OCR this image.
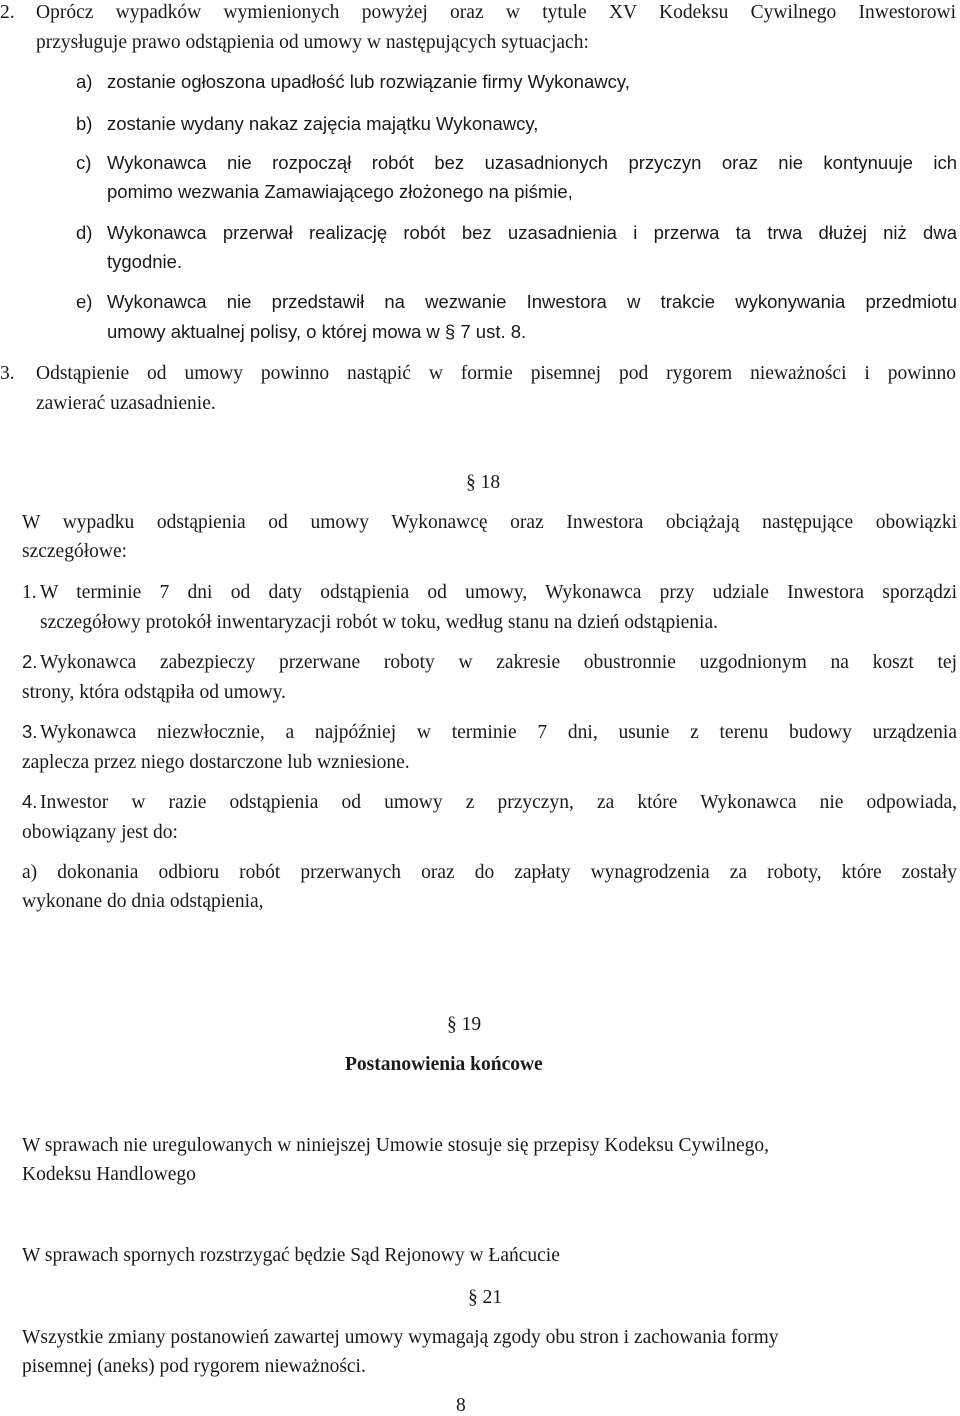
2. Oprócz wypadków wymienionych powyżej oraz w tytule XV Kodeksu Cywilnego Inwestorowi
przysługuje prawo odstąpienia od umowy w następujących sytuacjach:
a) zostanie ogłoszona upadłość lub rozwiązanie firmy Wykonawcy,
b) zostanie wydany nakaz zajęcia majątku Wykonawcy,
c) Wykonawca nie rozpoczął robót bez uzasadnionych przyczyn oraz nie kontynuuje ich
pomimo wezwania Zamawiającego złożonego na piśmie,
d) Wykonawca przerwał realizację robót bez uzasadnienia i przerwa ta trwa dłużej niż dwa
tygodnie.
e) Wykonawca nie przedstawił na wezwanie Inwestora w trakcie wykonywania przedmiotu
umowy aktualnej polisy, o której mowa w § 7 ust. 8.
3. Odstąpienie od umowy powinno nastąpić w formie pisemnej pod rygorem nieważności i powinno
zawierać uzasadnienie.
§ 18
W wypadku odstąpienia od umowy Wykonawcę oraz Inwestora obciążają następujące obowiązki
szczegółowe:
1. W terminie 7 dni od daty odstąpienia od umowy, Wykonawca przy udziale Inwestora sporządzi
szczegółowy protokół inwentaryzacji robót w toku, według stanu na dzień odstąpienia.
2. Wykonawca zabezpieczy przerwane roboty w zakresie obustronnie uzgodnionym na koszt tej
strony, która odstąpiła od umowy.
3. Wykonawca niezwłocznie, a najpóźniej w terminie 7 dni, usunie z terenu budowy urządzenia
zaplecza przez niego dostarczone lub wzniesione.
4. Inwestor w razie odstąpienia od umowy z przyczyn, za które Wykonawca nie odpowiada,
obowiązany jest do:
a) dokonania odbioru robót przerwanych oraz do zapłaty wynagrodzenia za roboty, które zostały
wykonane do dnia odstąpienia,
§ 19
Postanowienia końcowe
W sprawach nie uregulowanych w niniejszej Umowie stosuje się przepisy Kodeksu Cywilnego,
Kodeksu Handlowego
W sprawach spornych rozstrzygać będzie Sąd Rejonowy w Łańcucie
§ 21
Wszystkie zmiany postanowień zawartej umowy wymagają zgody obu stron i zachowania formy
pisemnej (aneks) pod rygorem nieważności.
8
